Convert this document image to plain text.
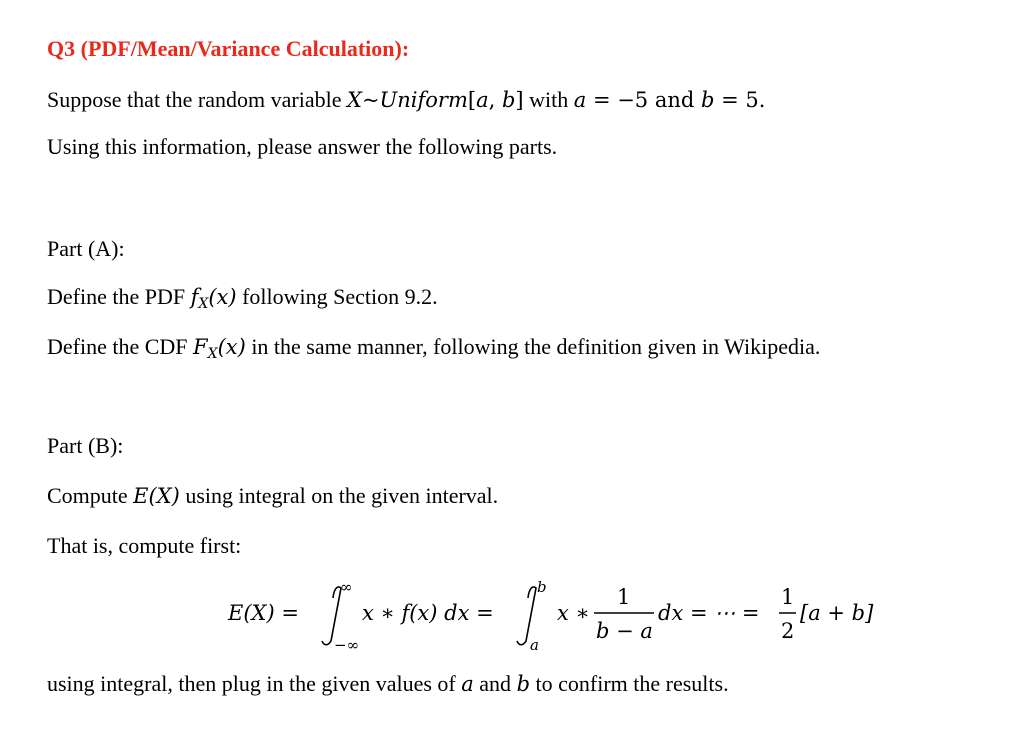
Q3 (PDF/Mean/Variance Calculation):
Suppose that the random variable X~Uniform[a, b] with a = −5 and b = 5.
Using this information, please answer the following parts.
Part (A):
Define the PDF $f_X(x)$ following Section 9.2.
Define the CDF $F_X(x)$ in the same manner, following the definition given in Wikipedia.
Part (B):
Compute E(X) using integral on the given interval.
That is, compute first:
E(X) =
∞
−∞
x ∗ f(x) dx =
b
a
x ∗
1
b − a
dx = ⋯ =
1
2
[a + b]
using integral, then plug in the given values of a and b to confirm the results.
